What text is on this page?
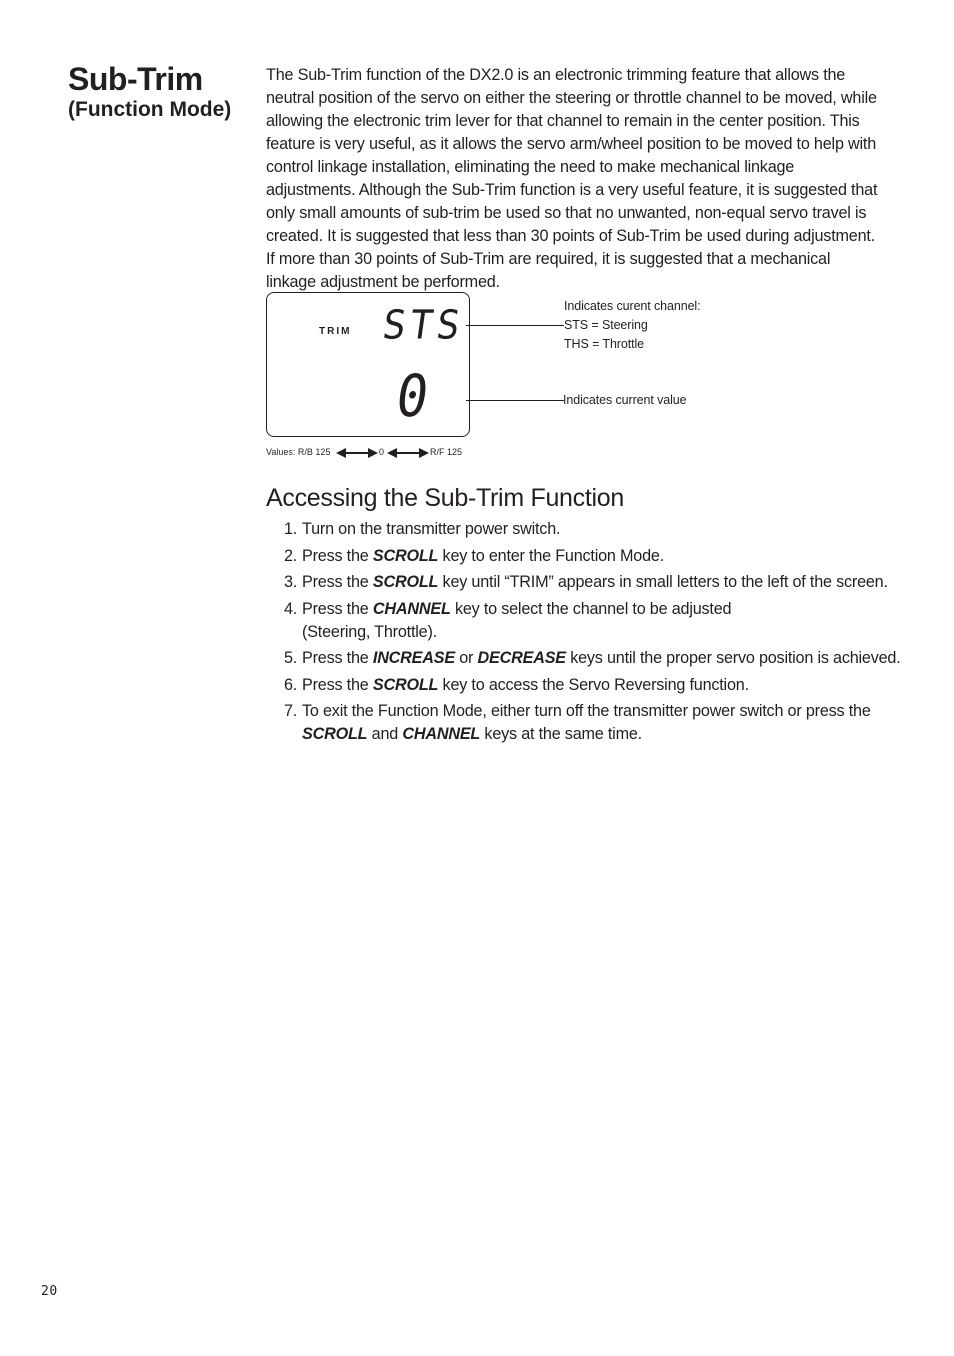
Sub-Trim
(Function Mode)

The Sub-Trim function of the DX2.0 is an electronic trimming feature that allows the neutral position of the servo on either the steering or throttle channel to be moved, while allowing the electronic trim lever for that channel to remain in the center position. This feature is very useful, as it allows the servo arm/wheel position to be moved to help with control linkage installation, eliminating the need to make mechanical linkage adjustments. Although the Sub-Trim function is a very useful feature, it is suggested that only small amounts of sub-trim be used so that no unwanted, non-equal servo travel is created. It is suggested that less than 30 points of Sub-Trim be used during adjustment. If more than 30 points of Sub-Trim are required, it is suggested that a mechanical linkage adjustment be performed.

TRIM STS
0
Indicates curent channel:
STS = Steering
THS = Throttle
Indicates current value
Values: R/B 125	0	R/F 125
Accessing the Sub-Trim Function
1. Turn on the transmitter power switch.
2. Press the SCROLL key to enter the Function Mode.
3. Press the SCROLL key until “TRIM” appears in small letters to the left of the screen.
4. Press the CHANNEL key to select the channel to be adjusted
(Steering, Throttle).
5. Press the INCREASE or DECREASE keys until the proper servo position is achieved.
6. Press the SCROLL key to access the Servo Reversing function.
7. To exit the Function Mode, either turn off the transmitter power switch or press the SCROLL and CHANNEL keys at the same time.
20
